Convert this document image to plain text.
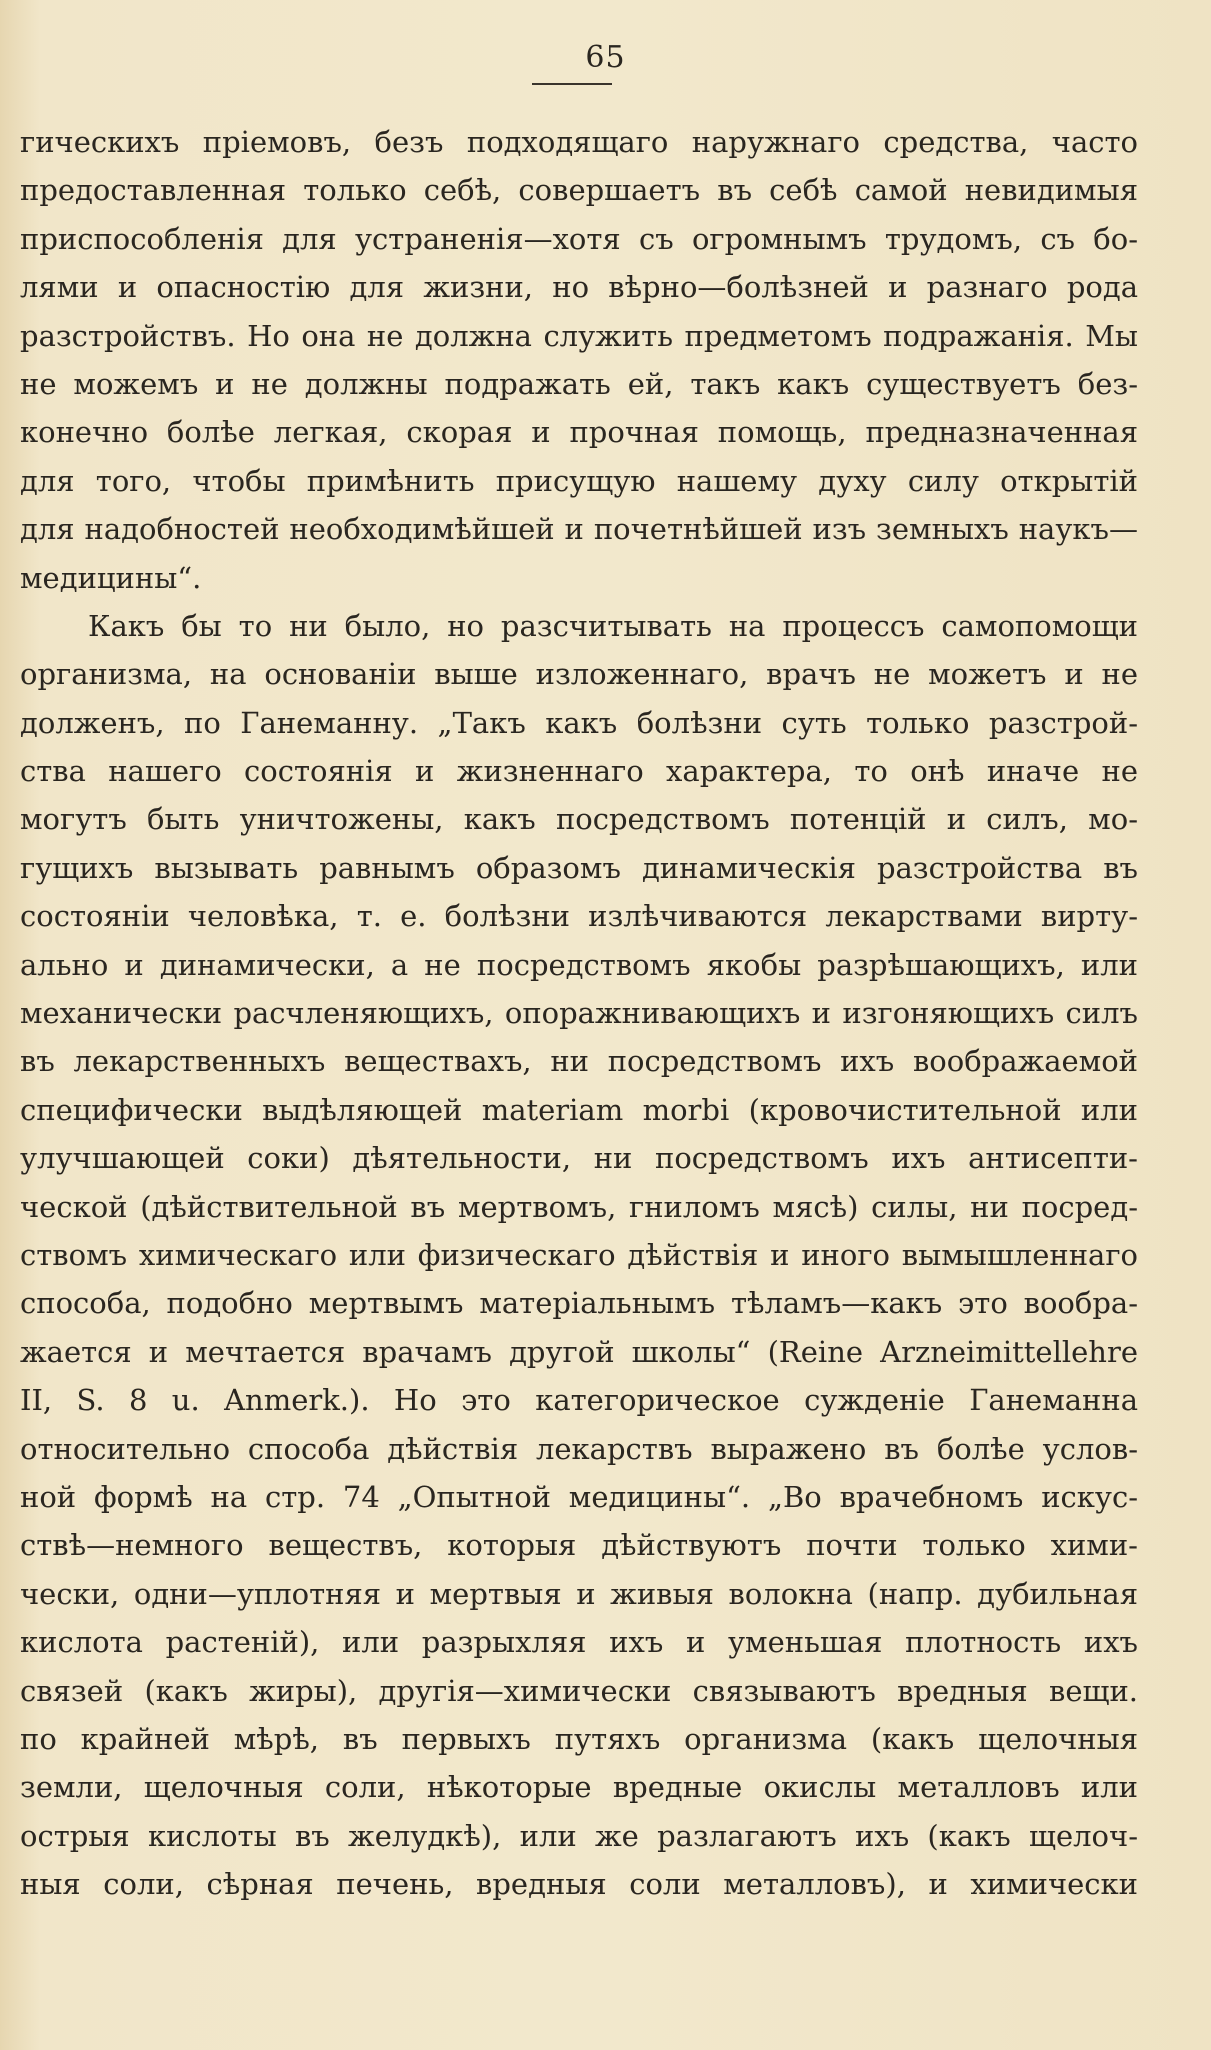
65
гическихъ пріемовъ, безъ подходящаго наружнаго средства, часто
предоставленная только себѣ, совершаетъ въ себѣ самой невидимыя
приспособленія для устраненія—хотя съ огромнымъ трудомъ, съ бо-
лями и опасностію для жизни, но вѣрно—болѣзней и разнаго рода
разстройствъ. Но она не должна служить предметомъ подражанія. Мы
не можемъ и не должны подражать ей, такъ какъ существуетъ без-
конечно болѣе легкая, скорая и прочная помощь, предназначенная
для того, чтобы примѣнить присущую нашему духу силу открытій
для надобностей необходимѣйшей и почетнѣйшей изъ земныхъ наукъ—
медицины“.
Какъ бы то ни было, но разсчитывать на процессъ самопомощи
организма, на основаніи выше изложеннаго, врачъ не можетъ и не
долженъ, по Ганеманну. „Такъ какъ болѣзни суть только разстрой-
ства нашего состоянія и жизненнаго характера, то онѣ иначе не
могутъ быть уничтожены, какъ посредствомъ потенцій и силъ, мо-
гущихъ вызывать равнымъ образомъ динамическія разстройства въ
состояніи человѣка, т. е. болѣзни излѣчиваются лекарствами вирту-
ально и динамически, а не посредствомъ якобы разрѣшающихъ, или
механически расчленяющихъ, опоражнивающихъ и изгоняющихъ силъ
въ лекарственныхъ веществахъ, ни посредствомъ ихъ воображаемой
специфически выдѣляющей materiam morbi (кровочистительной или
улучшающей соки) дѣятельности, ни посредствомъ ихъ антисепти-
ческой (дѣйствительной въ мертвомъ, гниломъ мясѣ) силы, ни посред-
ствомъ химическаго или физическаго дѣйствія и иного вымышленнаго
способа, подобно мертвымъ матеріальнымъ тѣламъ—какъ это вообра-
жается и мечтается врачамъ другой школы“ (Reine Arzneimittellehre
II, S. 8 u. Anmerk.). Но это категорическое сужденіе Ганеманна
относительно способа дѣйствія лекарствъ выражено въ болѣе услов-
ной формѣ на стр. 74 „Опытной медицины“. „Во врачебномъ искус-
ствѣ—немного веществъ, которыя дѣйствуютъ почти только хими-
чески, одни—уплотняя и мертвыя и живыя волокна (напр. дубильная
кислота растеній), или разрыхляя ихъ и уменьшая плотность ихъ
связей (какъ жиры), другія—химически связываютъ вредныя вещи.
по крайней мѣрѣ, въ первыхъ путяхъ организма (какъ щелочныя
земли, щелочныя соли, нѣкоторые вредные окислы металловъ или
острыя кислоты въ желудкѣ), или же разлагаютъ ихъ (какъ щелоч-
ныя соли, сѣрная печень, вредныя соли металловъ), и химически
